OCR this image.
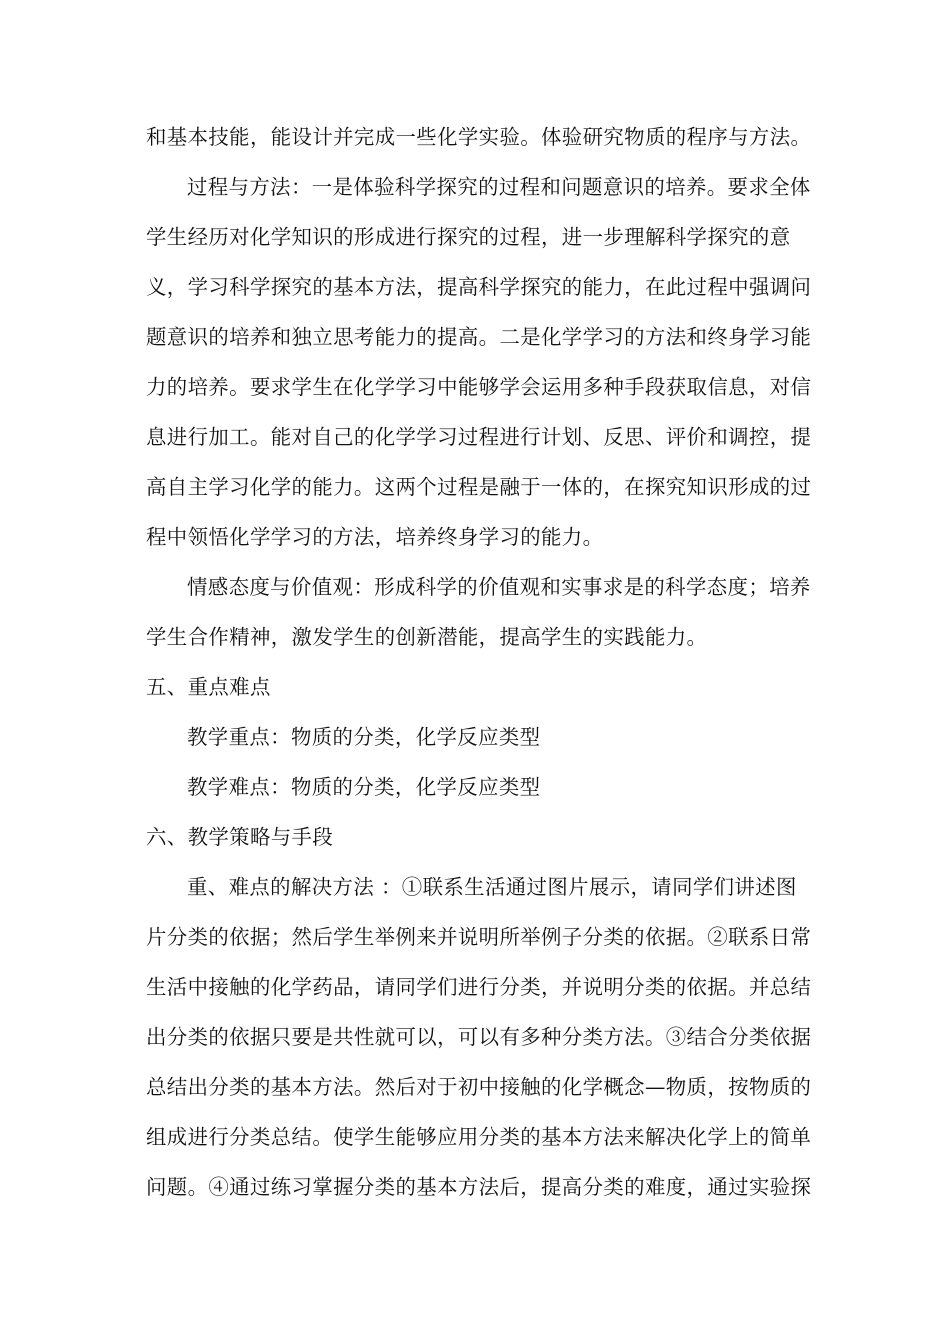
和基本技能，能设计并完成一些化学实验。体验研究物质的程序与方法。
过程与方法：一是体验科学探究的过程和问题意识的培养。要求全体
学生经历对化学知识的形成进行探究的过程，进一步理解科学探究的意
义，学习科学探究的基本方法，提高科学探究的能力，在此过程中强调问
题意识的培养和独立思考能力的提高。二是化学学习的方法和终身学习能
力的培养。要求学生在化学学习中能够学会运用多种手段获取信息，对信
息进行加工。能对自己的化学学习过程进行计划、反思、评价和调控，提
高自主学习化学的能力。这两个过程是融于一体的，在探究知识形成的过
程中领悟化学学习的方法，培养终身学习的能力。
情感态度与价值观：形成科学的价值观和实事求是的科学态度；培养
学生合作精神，激发学生的创新潜能，提高学生的实践能力。
五、重点难点
教学重点：物质的分类，化学反应类型
教学难点：物质的分类，化学反应类型
六、教学策略与手段
重、难点的解决方法 ：①联系生活通过图片展示，请同学们讲述图
片分类的依据；然后学生举例来并说明所举例子分类的依据。②联系日常
生活中接触的化学药品，请同学们进行分类，并说明分类的依据。并总结
出分类的依据只要是共性就可以，可以有多种分类方法。③结合分类依据
总结出分类的基本方法。然后对于初中接触的化学概念—物质，按物质的
组成进行分类总结。使学生能够应用分类的基本方法来解决化学上的简单
问题。④通过练习掌握分类的基本方法后，提高分类的难度，通过实验探
